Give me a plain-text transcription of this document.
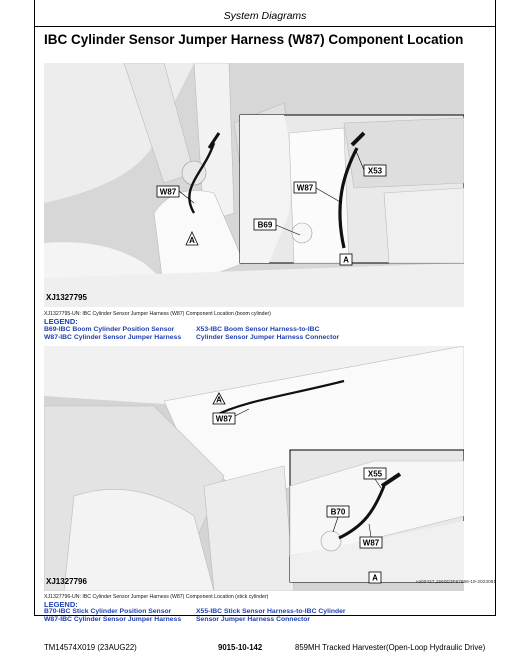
System Diagrams
IBC Cylinder Sensor Jumper Harness (W87) Component Location
W87
A
X53
W87
B69
A
XJ1327795
XJ1327795-UN: IBC Cylinder Sensor Jumper Harness (W87) Component Location (boom cylinder)
LEGEND:
B69-IBC Boom Cylinder Position Sensor
W87-IBC Cylinder Sensor Jumper Harness
X53-IBC Boom Sensor Harness-to-IBC
Cylinder Sensor Jumper Harness Connector
A
W87
X55
B70
W87
A
XJ1327796	va00427,1560D3F97966-19-2023081
XJ1327796-UN: IBC Cylinder Sensor Jumper Harness (W87) Component Location (stick cylinder)
LEGEND:
B70-IBC Stick Cylinder Position Sensor
W87-IBC Cylinder Sensor Jumper Harness
X55-IBC Stick Sensor Harness-to-IBC Cylinder
Sensor Jumper Harness Connector
TM14574X019 (23AUG22)	9015-10-142	859MH Tracked Harvester(Open-Loop Hydraulic Drive)
